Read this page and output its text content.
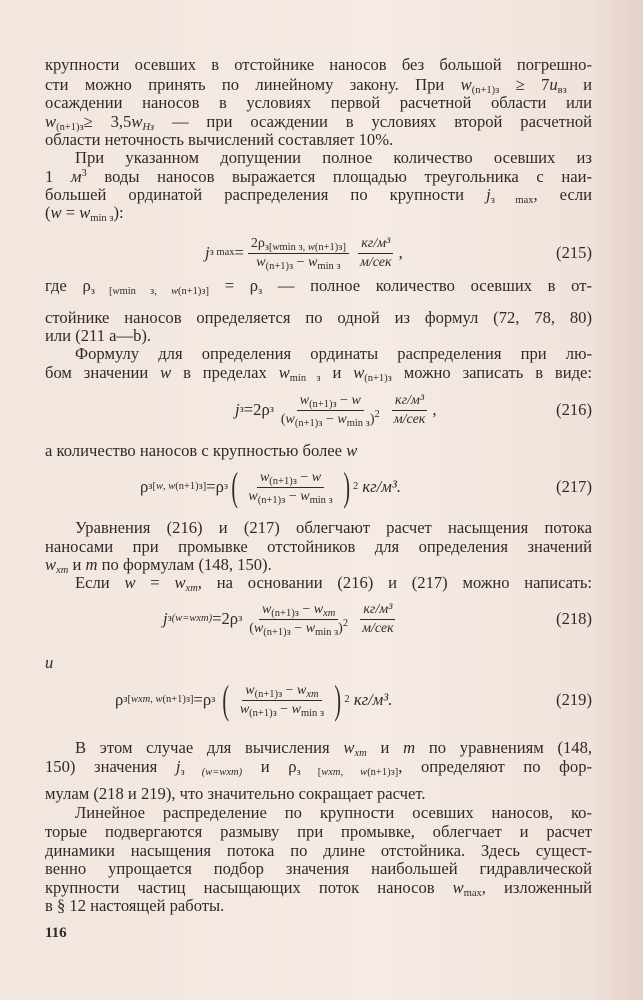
крупности осевших в отстойнике наносов без большой погрешно-
сти можно принять по линейному закону. При $w_{(n+1)з} \ge 7u_{вз}$ и
осаждении наносов в условиях первой расчетной области или
$w_{(n+1)з}\ge 3,5w_{Нз}$ — при осаждении в условиях второй расчетной
области неточность вычислений составляет 10%.
При указанном допущении полное количество осевших из
1 $м^3$ воды наносов выражается площадью треугольника с наи-
большей ординатой распределения по крупности $j_{з max}$, если
$(w = w_{min з})$:
j з $\max = \frac{2\rho_{з[wmin з, w(n+1)з]}}{w_{(n+1)з} - w_{min з}} \frac{\text{кг/м³}}{\text{м/сек}}$ ,	(215)
где $\rho_{з [wmin з, w(n+1)з]} = \rho_з$ — полное количество осевших в от-
стойнике наносов определяется по одной из формул (72, 78, 80)
или (211 a—b).
Формулу для определения ординаты распределения при лю-
бом значении w в пределах $w_{min з}$ и $w_{(n+1)з}$ можно записать в виде:
j з = 2ρ з $\frac{w_{(n+1)з} - w}{(w_{(n+1)з} - w_{min з})^2} \frac{\text{кг/м³}}{\text{м/сек}}$ ,	(216)
а количество наносов с крупностью более w
ρ з[w, w(n+1)з] = ρ з ( $\frac{w_{(n+1)з} - w}{w_{(n+1)з} - w_{min з}}$ ) 2
кг/м³.	(217)
Уравнения (216) и (217) облегчают расчет насыщения потока
наносами при промывке отстойников для определения значений
$w_{xm}$ и m по формулам (148, 150).
Если $w = w_{xm}$, на основании (216) и (217) можно написать:
j з(w=wxm) = 2ρ з $\frac{w_{(n+1)з} - w_{xm}}{(w_{(n+1)з} - w_{min з})^2} \frac{\text{кг/м³}}{\text{м/сек}}$	(218)
и
ρ з[wxm, w(n+1)з] = ρ з
( $\frac{w_{(n+1)з} - w_{xm}}{w_{(n+1)з} - w_{min з}}$ ) 2
кг/м³.	(219)
В этом случае для вычисления $w_{xm}$ и m по уравнениям (148,
150) значения $j_{з (w=wxm)}$ и $\rho_{з [wxm, w(n+1)з]}$, определяют по фор-
мулам (218 и 219), что значительно сокращает расчет.
Линейное распределение по крупности осевших наносов, ко-
торые подвергаются размыву при промывке, облегчает и расчет
динамики насыщения потока по длине отстойника. Здесь сущест-
венно упрощается подбор значения наибольшей гидравлической
крупности частиц насыщающих поток наносов $w_{max}$, изложенный
в § 12 настоящей работы.
116
